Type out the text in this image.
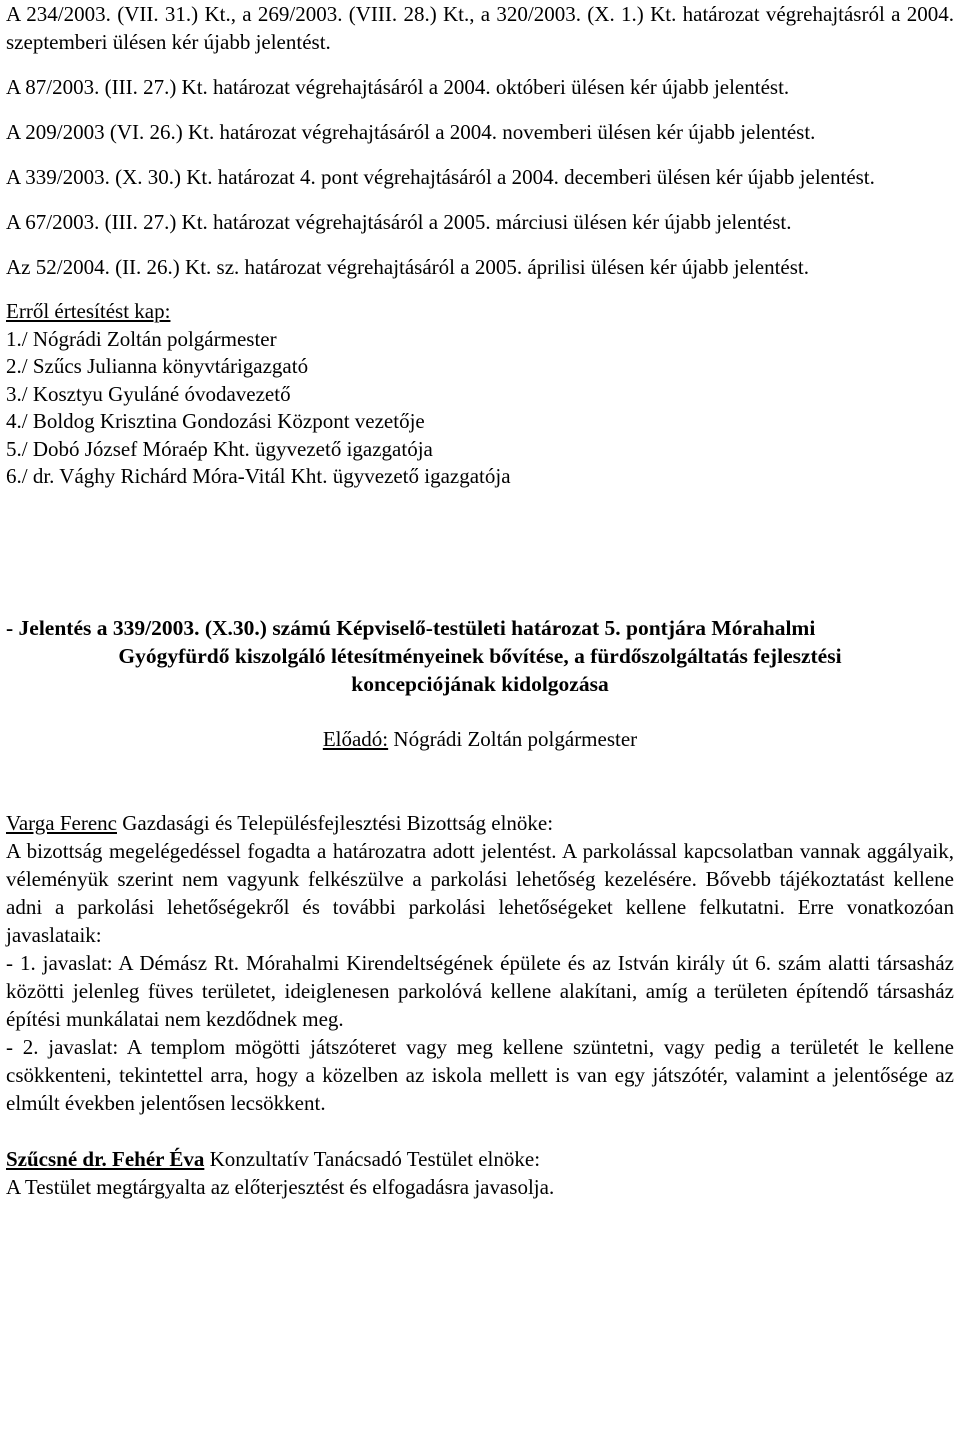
A 234/2003. (VII. 31.) Kt., a 269/2003. (VIII. 28.) Kt., a 320/2003. (X. 1.) Kt. határozat végrehajtásról a 2004. szeptemberi ülésen kér újabb jelentést.

A 87/2003. (III. 27.) Kt. határozat végrehajtásáról a 2004. októberi ülésen kér újabb jelentést.

A 209/2003 (VI. 26.) Kt. határozat végrehajtásáról a 2004. novemberi ülésen kér újabb jelentést.

A 339/2003. (X. 30.) Kt. határozat 4. pont végrehajtásáról a 2004. decemberi ülésen kér újabb jelentést.

A 67/2003. (III. 27.) Kt. határozat végrehajtásáról a 2005. márciusi ülésen kér újabb jelentést.

Az 52/2004. (II. 26.) Kt. sz. határozat végrehajtásáról a 2005. áprilisi ülésen kér újabb jelentést.

Erről értesítést kap:

1./ Nógrádi Zoltán polgármester

2./ Szűcs Julianna könyvtárigazgató

3./ Kosztyu Gyuláné óvodavezető

4./ Boldog Krisztina Gondozási Központ vezetője

5./ Dobó József Móraép Kht. ügyvezető igazgatója

6./ dr. Vághy Richárd Móra-Vitál Kht. ügyvezető igazgatója

- Jelentés a 339/2003. (X.30.) számú Képviselő-testületi határozat 5. pontjára Mórahalmi

Gyógyfürdő kiszolgáló létesítményeinek bővítése, a fürdőszolgáltatás fejlesztési

koncepciójának kidolgozása

Előadó: Nógrádi Zoltán polgármester

Varga Ferenc Gazdasági és Településfejlesztési Bizottság elnöke:

A bizottság megelégedéssel fogadta a határozatra adott jelentést. A parkolással kapcsolatban vannak aggályaik, véleményük szerint nem vagyunk felkészülve a parkolási lehetőség kezelésére. Bővebb tájékoztatást kellene adni a parkolási lehetőségekről és további parkolási lehetőségeket kellene felkutatni. Erre vonatkozóan javaslataik:

- 1. javaslat: A Démász Rt. Mórahalmi Kirendeltségének épülete és az István király út 6. szám alatti társasház közötti jelenleg füves területet, ideiglenesen parkolóvá kellene alakítani, amíg a területen építendő társasház építési munkálatai nem kezdődnek meg.

- 2. javaslat: A templom mögötti játszóteret vagy meg kellene szüntetni, vagy pedig a területét le kellene csökkenteni, tekintettel arra, hogy a közelben az iskola mellett is van egy játszótér, valamint a jelentősége az elmúlt években jelentősen lecsökkent.

Szűcsné dr. Fehér Éva Konzultatív Tanácsadó Testület elnöke:

A Testület megtárgyalta az előterjesztést és elfogadásra javasolja.
